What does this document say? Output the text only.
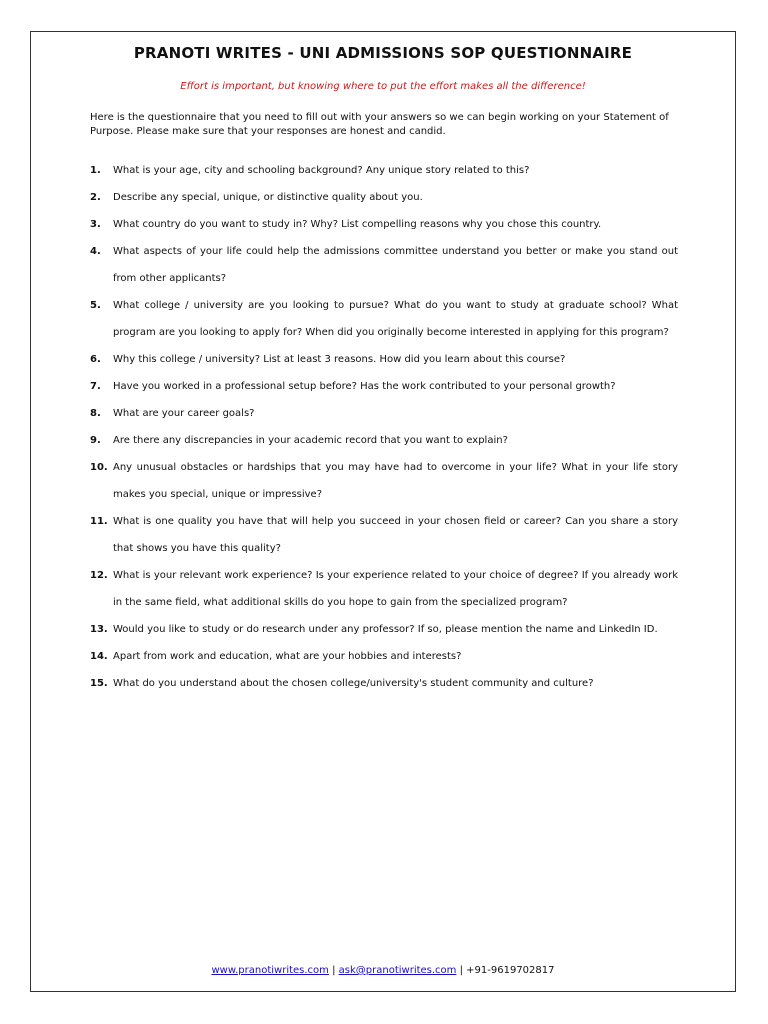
PRANOTI WRITES - UNI ADMISSIONS SOP QUESTIONNAIRE

Effort is important, but knowing where to put the effort makes all the difference!

Here is the questionnaire that you need to fill out with your answers so we can begin working on your Statement of Purpose. Please make sure that your responses are honest and candid.

1.	What is your age, city and schooling background? Any unique story related to this?
2.	Describe any special, unique, or distinctive quality about you.
3.	What country do you want to study in? Why? List compelling reasons why you chose this country.
4.	What aspects of your life could help the admissions committee understand you better or make you stand out from other applicants?
5.	What college / university are you looking to pursue? What do you want to study at graduate school? What program are you looking to apply for? When did you originally become interested in applying for this program?
6.	Why this college / university? List at least 3 reasons. How did you learn about this course?
7.	Have you worked in a professional setup before? Has the work contributed to your personal growth?
8.	What are your career goals?
9.	Are there any discrepancies in your academic record that you want to explain?
10. Any unusual obstacles or hardships that you may have had to overcome in your life? What in your life story makes you special, unique or impressive?
11. What is one quality you have that will help you succeed in your chosen field or career? Can you share a story that shows you have this quality?
12. What is your relevant work experience? Is your experience related to your choice of degree? If you already work in the same field, what additional skills do you hope to gain from the specialized program?
13. Would you like to study or do research under any professor? If so, please mention the name and LinkedIn ID.
14. Apart from work and education, what are your hobbies and interests?
15. What do you understand about the chosen college/university's student community and culture?

www.pranotiwrites.com | ask@pranotiwrites.com | +91-9619702817
